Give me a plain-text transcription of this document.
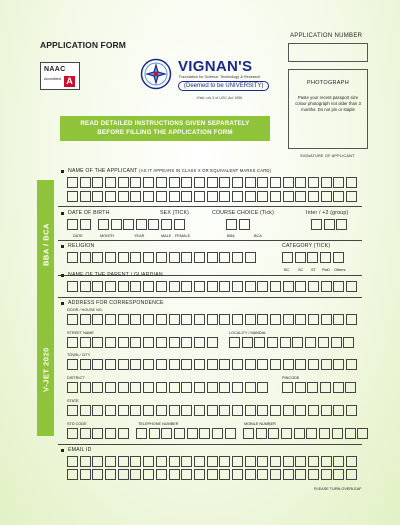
APPLICATION FORM
APPLICATION NUMBER
PHOTOGRAPH
Paste your recent passport size colour photograph not older than 3 months. Do not pin or staple
SIGNATURE OF APPLICANT
NAAC
Accredited A
VIGNAN'S
Foundation for Science, Technology & Research
(Deemed to be UNIVERSITY)
-Estd. u/s 3 of UGC Act 1956
READ DETAILED INSTRUCTIONS GIVEN SEPARATELY
BEFORE FILLING THE APPLICATION FORM
BBA / BCA
V-JET 2020
NAME OF THE APPLICANT (AS IT APPEARS IN CLASS X OR EQUIVALENT MARKS CARD)
DATE OF BIRTH	SEX (TICK)	COURSE CHOICE (Tick)	Inter / +2 (group)
DATE	MONTH	YEAR	MALE FEMALE	BBA	BCA
RELIGION	CATEGORY (TICK)
BC SC ST PwD Others
NAME OF THE PARENT / GUARDIAN
ADDRESS FOR CORRESPONDENCE
DOOR / HOUSE NO.
STREET NAME	LOCALITY / MANDAL
TOWN / CITY
DISTRICT	PINCODE
STATE
STD CODE	TELEPHONE NUMBER	MOBILE NUMBER
EMAIL ID
PLEASE TURN OVERLEAF
